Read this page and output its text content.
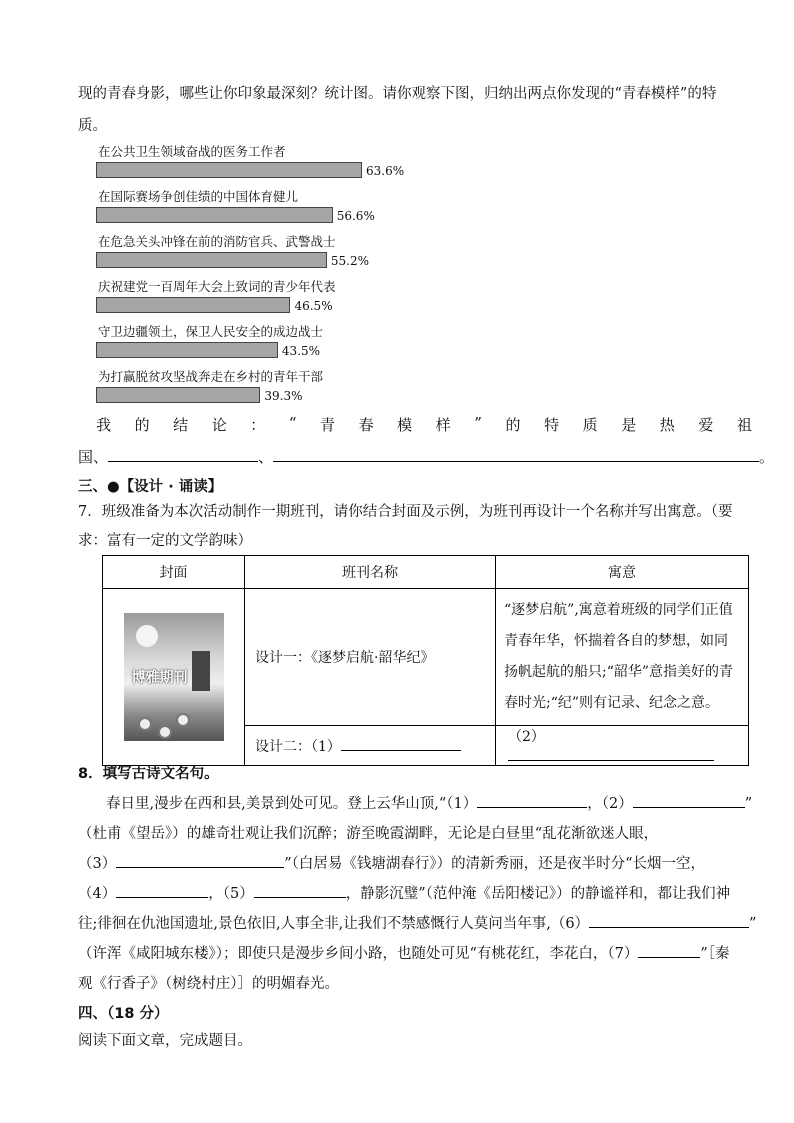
现的青春身影，哪些让你印象最深刻？统计图。请你观察下图，归纳出两点你发现的“青春模样”的特
质。
在公共卫生领域奋战的医务工作者
63.6%
在国际赛场争创佳绩的中国体育健儿
56.6%
在危急关头冲锋在前的消防官兵、武警战士
55.2%
庆祝建党一百周年大会上致词的青少年代表
46.5%
守卫边疆领土，保卫人民安全的成边战士
43.5%
为打赢脱贫攻坚战奔走在乡村的青年干部
39.3%
我 的 结 论 ： “ 青 春 模 样 ” 的 特 质 是 热 爱 祖
国、	、	。
三、●【设计 · 诵读】
7．班级准备为本次活动制作一期班刊，请你结合封面及示例，为班刊再设计一个名称并写出寓意。（要
求：富有一定的文学韵味）
封面	班刊名称	寓意

博雅期刊	设计一：《逐梦启航·韶华纪》	“逐梦启航”,寓意着班级的同学们正值
青春年华，怀揣着各自的梦想，如同
扬帆起航的船只;“韶华”意指美好的青
春时光;“纪”则有记录、纪念之意。

	设计二：（1）	（2）
8．填写古诗文名句。
春日里,漫步在西和县,美景到处可见。登上云华山顶,“（1）	，（2）	”
（杜甫《望岳》）的雄奇壮观让我们沉醉；游至晚霞湖畔，无论是白昼里“乱花渐欲迷人眼，
（3）	”（白居易《钱塘湖春行》）的清新秀丽，还是夜半时分“长烟一空，
（4）	，（5）	，静影沉璧”（范仲淹《岳阳楼记》）的静谧祥和，都让我们神
往;徘徊在仇池国遗址,景色依旧,人事全非,让我们不禁感慨行人莫问当年事,（6）	”
（许浑《咸阳城东楼》）；即使只是漫步乡间小路，也随处可见“有桃花红，李花白，（7）	”［秦
观《行香子》（树绕村庄）］的明媚春光。
四、（18 分）
阅读下面文章，完成题目。
